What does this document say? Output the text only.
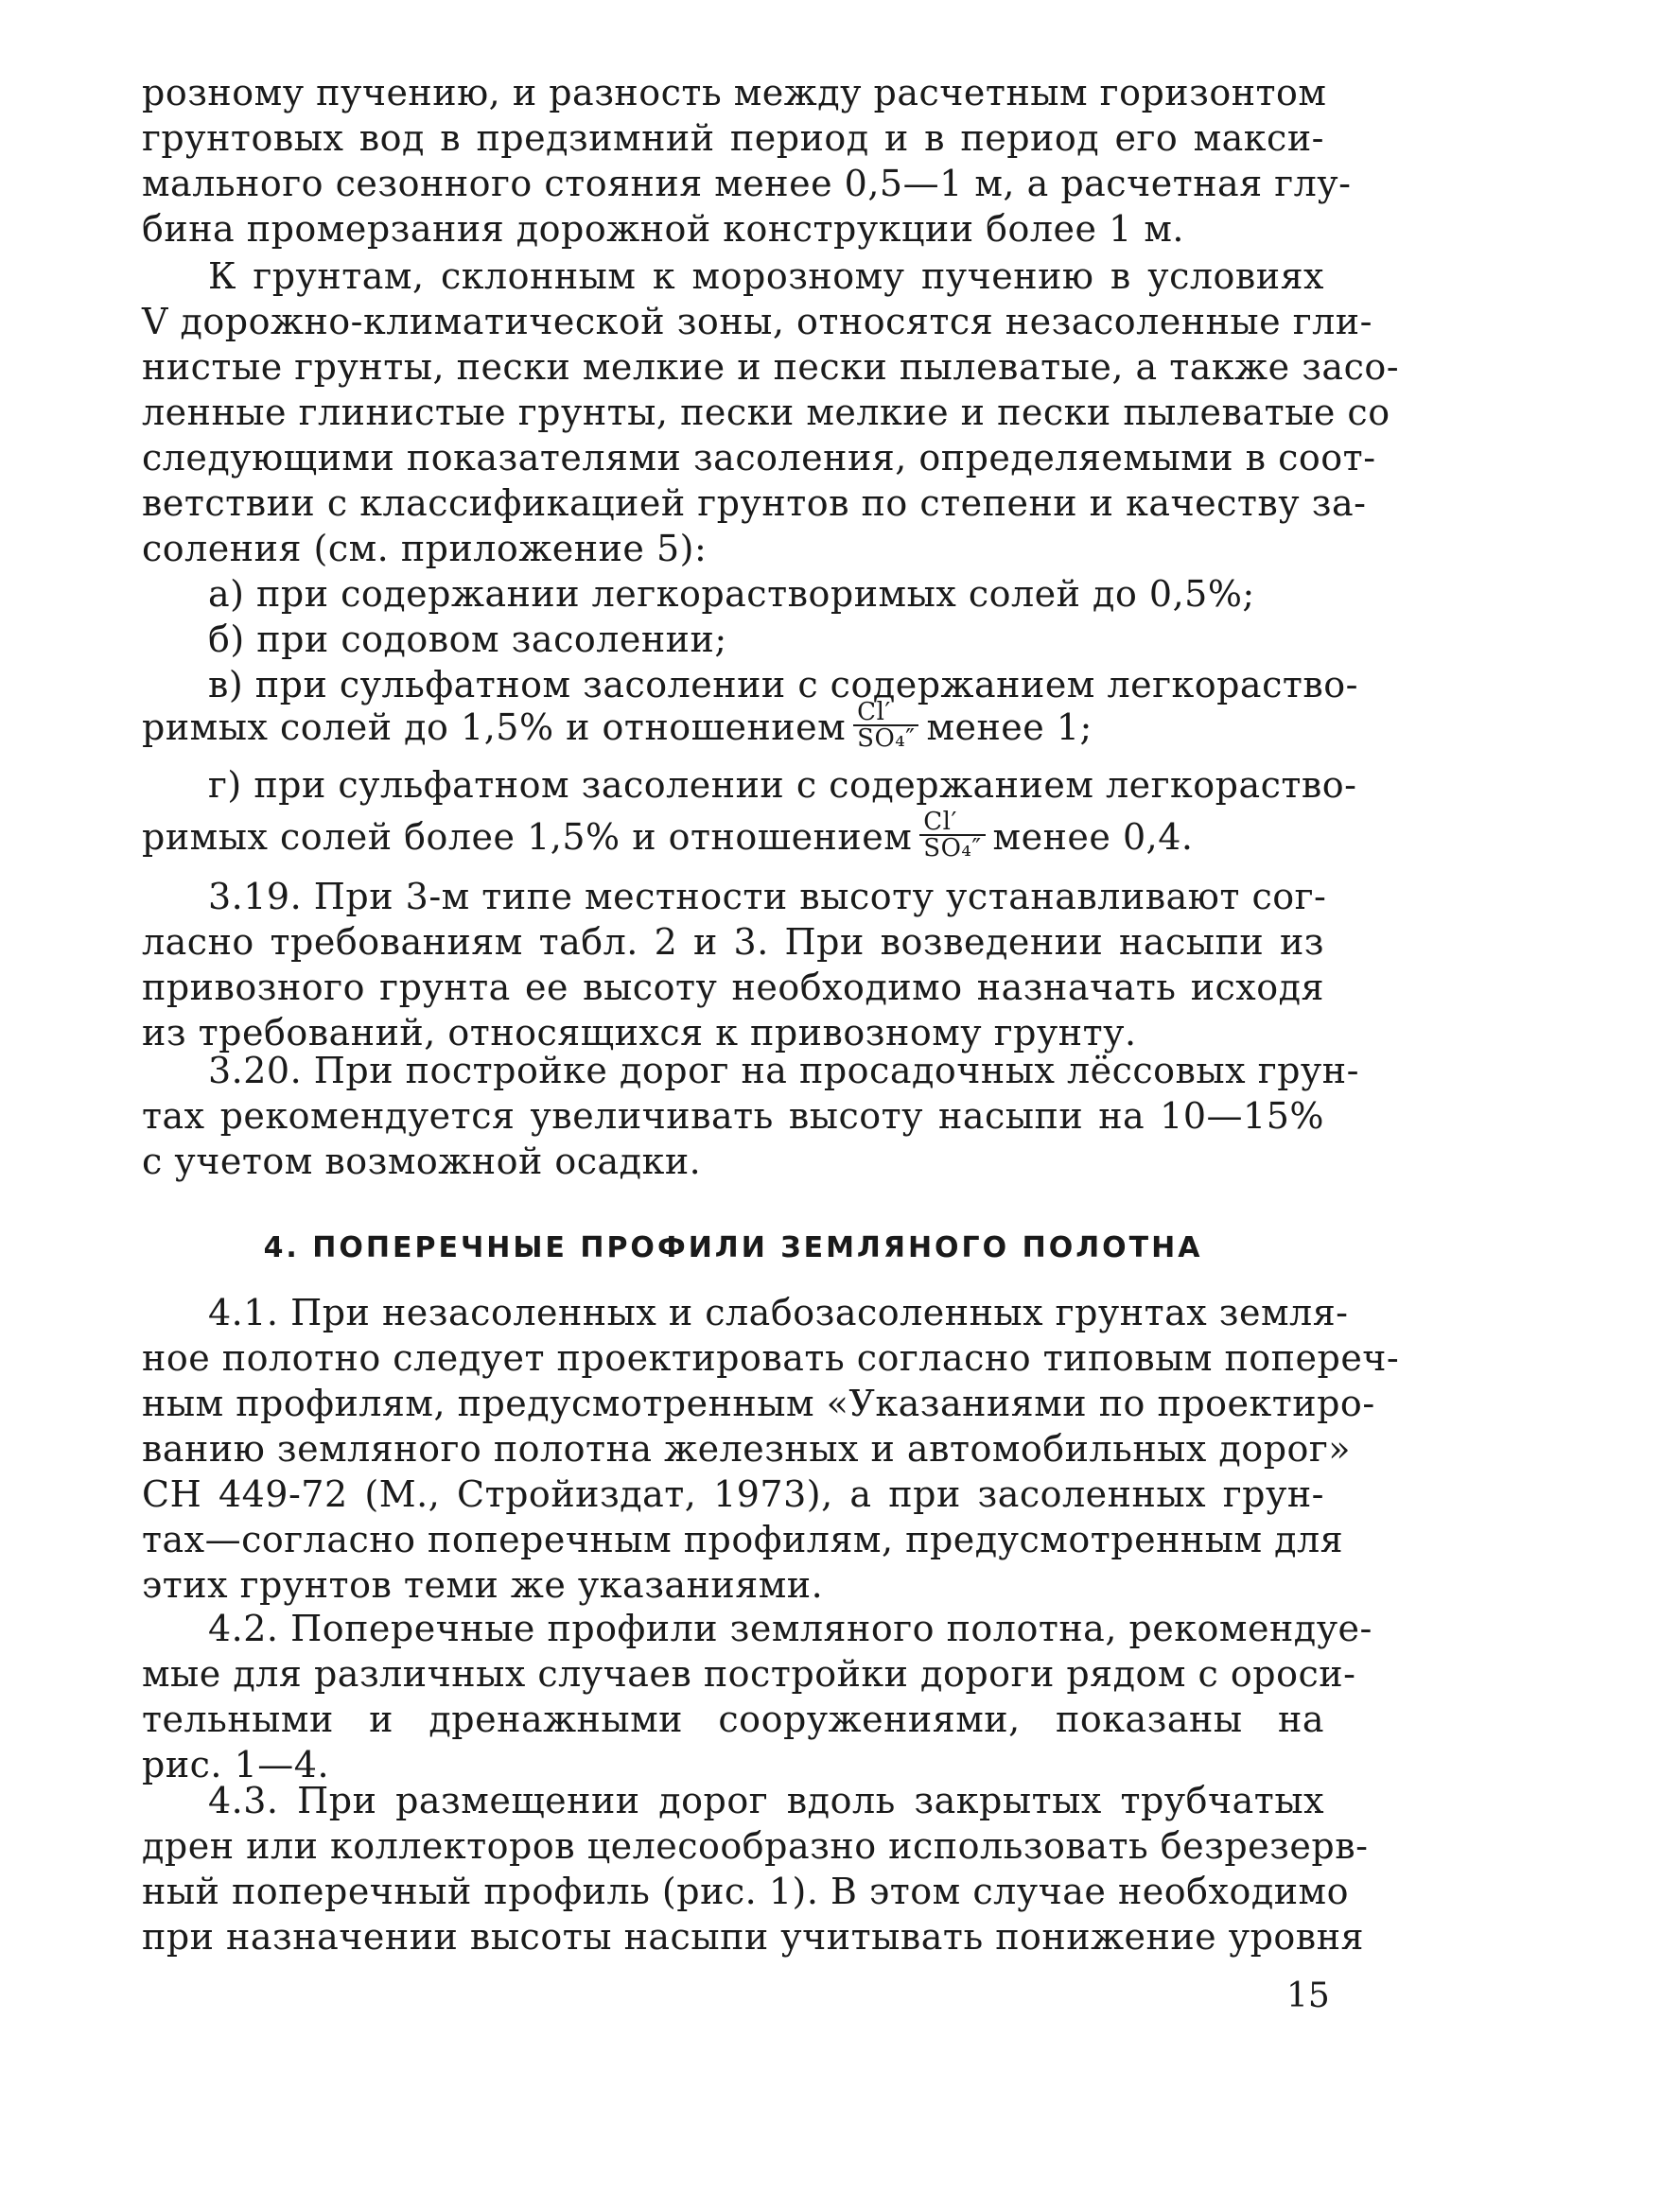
розному пучению, и разность между расчетным горизонтом

грунтовых вод в предзимний период и в период его макси-

мального сезонного стояния менее 0,5—1 м, а расчетная глу-

бина промерзания дорожной конструкции более 1 м.

К грунтам, склонным к морозному пучению в условиях

V дорожно-климатической зоны, относятся незасоленные гли-

нистые грунты, пески мелкие и пески пылеватые, а также засо-

ленные глинистые грунты, пески мелкие и пески пылеватые со

следующими показателями засоления, определяемыми в соот-

ветствии с классификацией грунтов по степени и качеству за-

соления (см. приложение 5):

а) при содержании легкорастворимых солей до 0,5%;

б) при содовом засолении;

в) при сульфатном засолении с содержанием легкораство-

римых солей до 1,5% и отношением $\frac{Cl'}{\text{SO₄″}}$ менее 1;

г) при сульфатном засолении с содержанием легкораство-

римых солей более 1,5% и отношением $\frac{Cl'}{\text{SO₄″}}$ менее 0,4.

3.19. При 3-м типе местности высоту устанавливают сог-

ласно требованиям табл. 2 и 3. При возведении насыпи из

привозного грунта ее высоту необходимо назначать исходя

из требований, относящихся к привозному грунту.

3.20. При постройке дорог на просадочных лёссовых грун-

тах рекомендуется увеличивать высоту насыпи на 10—15%

с учетом возможной осадки.

4. ПОПЕРЕЧНЫЕ ПРОФИЛИ ЗЕМЛЯНОГО ПОЛОТНА

4.1. При незасоленных и слабозасоленных грунтах земля-

ное полотно следует проектировать согласно типовым попереч-

ным профилям, предусмотренным «Указаниями по проектиро-

ванию земляного полотна железных и автомобильных дорог»

СН 449-72 (М., Стройиздат, 1973), а при засоленных грун-

тах—согласно поперечным профилям, предусмотренным для

этих грунтов теми же указаниями.

4.2. Поперечные профили земляного полотна, рекомендуе-

мые для различных случаев постройки дороги рядом с ороси-

тельными и дренажными сооружениями, показаны на

рис. 1—4.

4.3. При размещении дорог вдоль закрытых трубчатых

дрен или коллекторов целесообразно использовать безрезерв-

ный поперечный профиль (рис. 1). В этом случае необходимо

при назначении высоты насыпи учитывать понижение уровня

15
